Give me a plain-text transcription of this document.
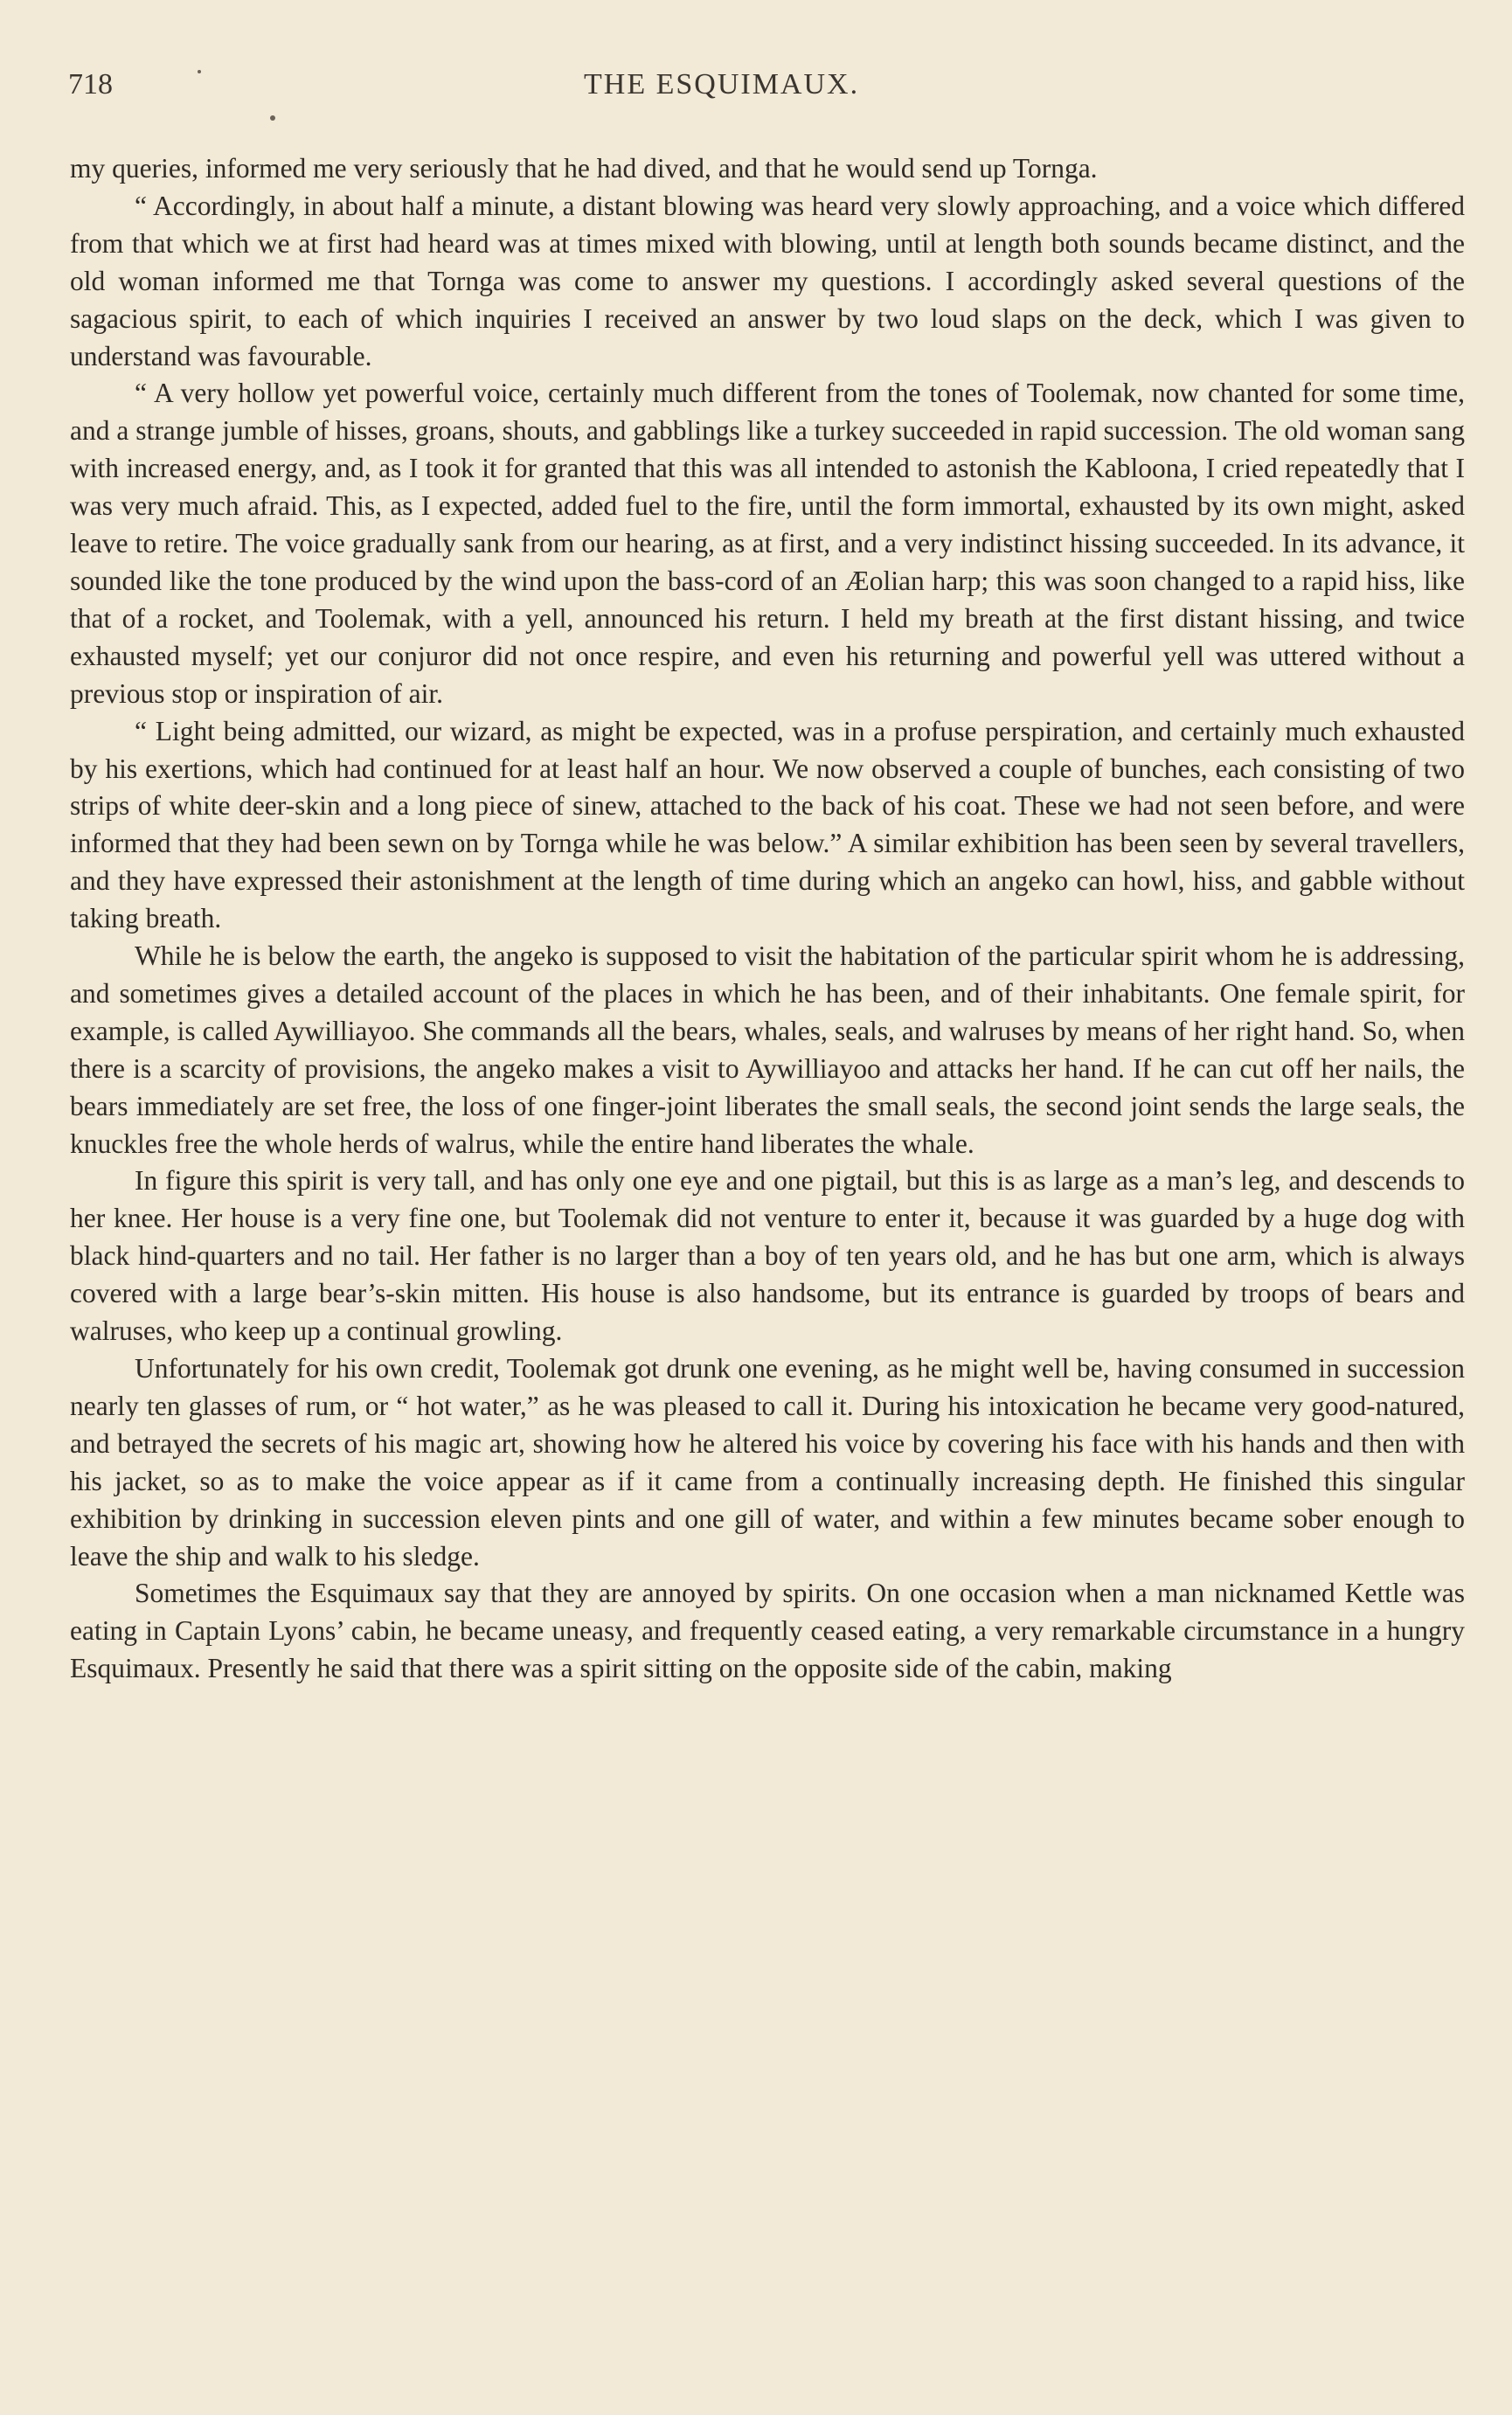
718	THE ESQUIMAUX.

my queries, informed me very seriously that he had dived, and that he would send up Tornga.

“ Accordingly, in about half a minute, a distant blowing was heard very slowly approaching, and a voice which differed from that which we at first had heard was at times mixed with blowing, until at length both sounds became distinct, and the old woman informed me that Tornga was come to answer my questions. I accordingly asked several questions of the sagacious spirit, to each of which inquiries I received an answer by two loud slaps on the deck, which I was given to understand was favourable.

“ A very hollow yet powerful voice, certainly much different from the tones of Toolemak, now chanted for some time, and a strange jumble of hisses, groans, shouts, and gabblings like a turkey succeeded in rapid succession. The old woman sang with increased energy, and, as I took it for granted that this was all intended to astonish the Kabloona, I cried repeatedly that I was very much afraid. This, as I expected, added fuel to the fire, until the form immortal, exhausted by its own might, asked leave to retire. The voice gradually sank from our hearing, as at first, and a very indistinct hissing succeeded. In its advance, it sounded like the tone produced by the wind upon the bass-cord of an Æolian harp; this was soon changed to a rapid hiss, like that of a rocket, and Toolemak, with a yell, announced his return. I held my breath at the first distant hissing, and twice exhausted myself; yet our conjuror did not once respire, and even his returning and powerful yell was uttered without a previous stop or inspiration of air.

“ Light being admitted, our wizard, as might be expected, was in a profuse perspiration, and certainly much exhausted by his exertions, which had continued for at least half an hour. We now observed a couple of bunches, each consisting of two strips of white deer-skin and a long piece of sinew, attached to the back of his coat. These we had not seen before, and were informed that they had been sewn on by Tornga while he was below.” A similar exhibition has been seen by several travellers, and they have expressed their astonishment at the length of time during which an angeko can howl, hiss, and gabble without taking breath.

While he is below the earth, the angeko is supposed to visit the habitation of the particular spirit whom he is addressing, and sometimes gives a detailed account of the places in which he has been, and of their inhabitants. One female spirit, for example, is called Aywilliayoo. She commands all the bears, whales, seals, and walruses by means of her right hand. So, when there is a scarcity of provisions, the angeko makes a visit to Aywilliayoo and attacks her hand. If he can cut off her nails, the bears immediately are set free, the loss of one finger-joint liberates the small seals, the second joint sends the large seals, the knuckles free the whole herds of walrus, while the entire hand liberates the whale.

In figure this spirit is very tall, and has only one eye and one pigtail, but this is as large as a man’s leg, and descends to her knee. Her house is a very fine one, but Toolemak did not venture to enter it, because it was guarded by a huge dog with black hind-quarters and no tail. Her father is no larger than a boy of ten years old, and he has but one arm, which is always covered with a large bear’s-skin mitten. His house is also handsome, but its entrance is guarded by troops of bears and walruses, who keep up a continual growling.

Unfortunately for his own credit, Toolemak got drunk one evening, as he might well be, having consumed in succession nearly ten glasses of rum, or “ hot water,” as he was pleased to call it. During his intoxication he became very good-natured, and betrayed the secrets of his magic art, showing how he altered his voice by covering his face with his hands and then with his jacket, so as to make the voice appear as if it came from a continually increasing depth. He finished this singular exhibition by drinking in succession eleven pints and one gill of water, and within a few minutes became sober enough to leave the ship and walk to his sledge.

Sometimes the Esquimaux say that they are annoyed by spirits. On one occasion when a man nicknamed Kettle was eating in Captain Lyons’ cabin, he became uneasy, and frequently ceased eating, a very remarkable circumstance in a hungry Esquimaux. Presently he said that there was a spirit sitting on the opposite side of the cabin, making
